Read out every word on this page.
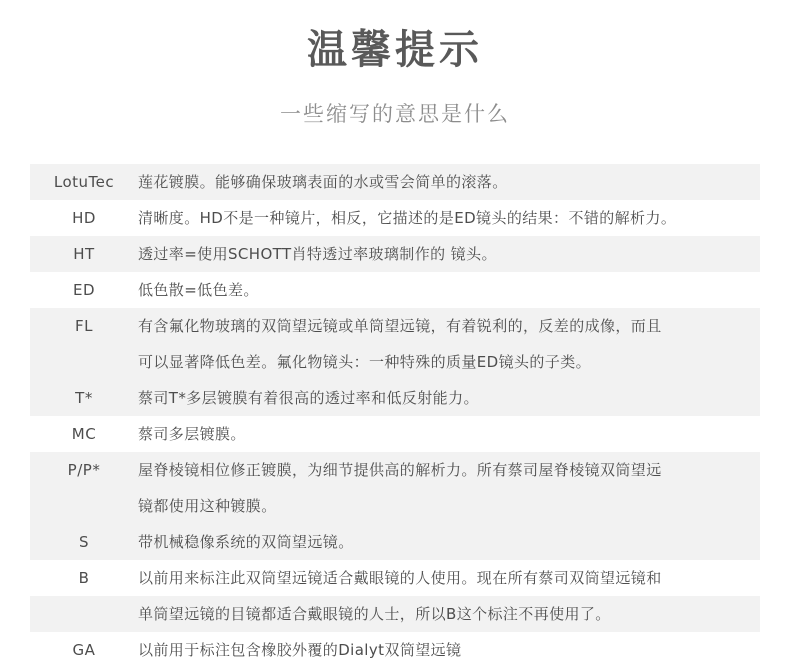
温馨提示
一些缩写的意思是什么
LotuTec	莲花镀膜。能够确保玻璃表面的水或雪会简单的滚落。

HD	清晰度。HD不是一种镜片，相反，它描述的是ED镜头的结果：不错的解析力。

HT	透过率=使用SCHOTT肖特透过率玻璃制作的 镜头。

ED	低色散=低色差。

FL	有含氟化物玻璃的双筒望远镜或单筒望远镜，有着锐利的，反差的成像，而且

	可以显著降低色差。氟化物镜头：一种特殊的质量ED镜头的子类。

T*	蔡司T*多层镀膜有着很高的透过率和低反射能力。

MC	蔡司多层镀膜。

P/P*	屋脊棱镜相位修正镀膜，为细节提供高的解析力。所有蔡司屋脊棱镜双筒望远

	镜都使用这种镀膜。

S	带机械稳像系统的双筒望远镜。

B	以前用来标注此双筒望远镜适合戴眼镜的人使用。现在所有蔡司双筒望远镜和

	单筒望远镜的目镜都适合戴眼镜的人士，所以B这个标注不再使用了。

GA	以前用于标注包含橡胶外覆的Dialyt双筒望远镜
